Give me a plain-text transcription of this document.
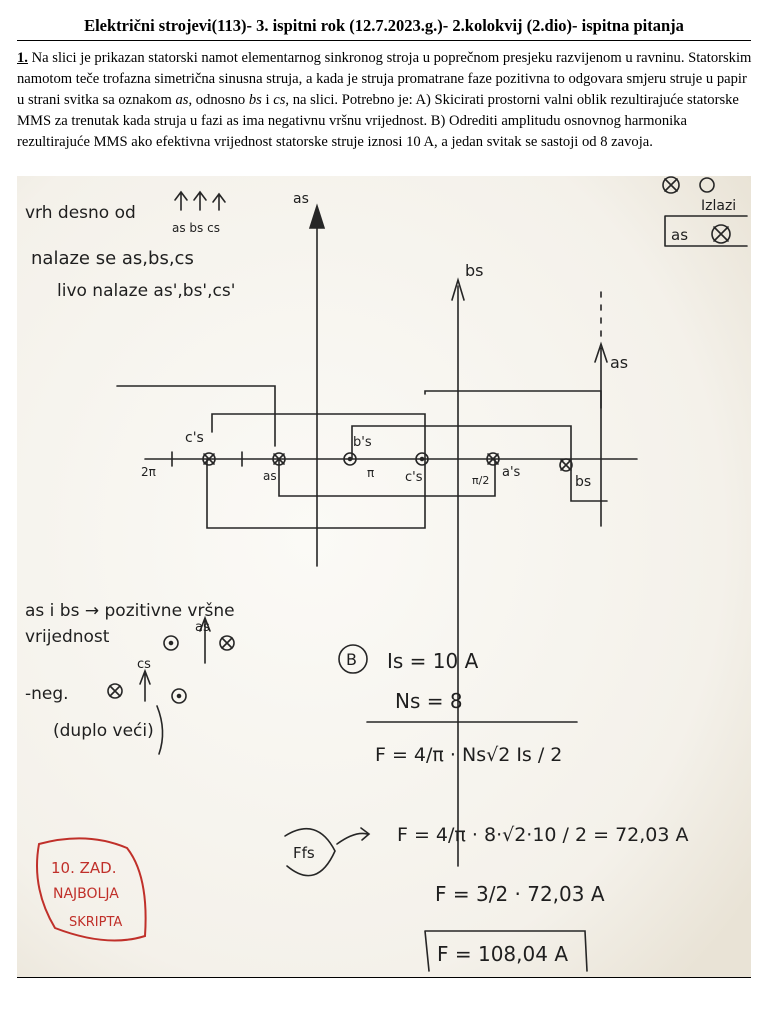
Električni strojevi(113)- 3. ispitni rok (12.7.2023.g.)- 2.kolokvij (2.dio)- ispitna pitanja
1. Na slici je prikazan statorski namot elementarnog sinkronog stroja u poprečnom presjeku razvijenom u ravninu. Statorskim namotom teče trofazna simetrična sinusna struja, a kada je struja promatrane faze pozitivna to odgovara smjeru struje u papir u strani svitka sa oznakom as, odnosno bs i cs, na slici. Potrebno je: A) Skicirati prostorni valni oblik rezultirajuće statorske MMS za trenutak kada struja u fazi as ima negativnu vršnu vrijednost. B) Odrediti amplitudu osnovnog harmonika rezultirajuće MMS ako efektivna vrijednost statorske struje iznosi 10 A, a jedan svitak se sastoji od 8 zavoja.
vrh desno od
as bs cs
nalaze se as,bs,cs
livo nalaze as',bs',cs'
as
Izlazi
as
bs
as
2π	π
c's
as
b's
c's	a's
π/2	bs
as i bs → pozitivne vršne
vrijednost	as
cs
-neg.
(duplo veći)
B Is = 10 A
Ns = 8
F = 4/π · Ns√2 Is / 2
Ffs
F = 4/π · 8·√2·10 / 2 = 72,03 A
F = 3/2 · 72,03 A
F = 108,04 A
10. ZAD.
NAJBOLJA
SKRIPTA
